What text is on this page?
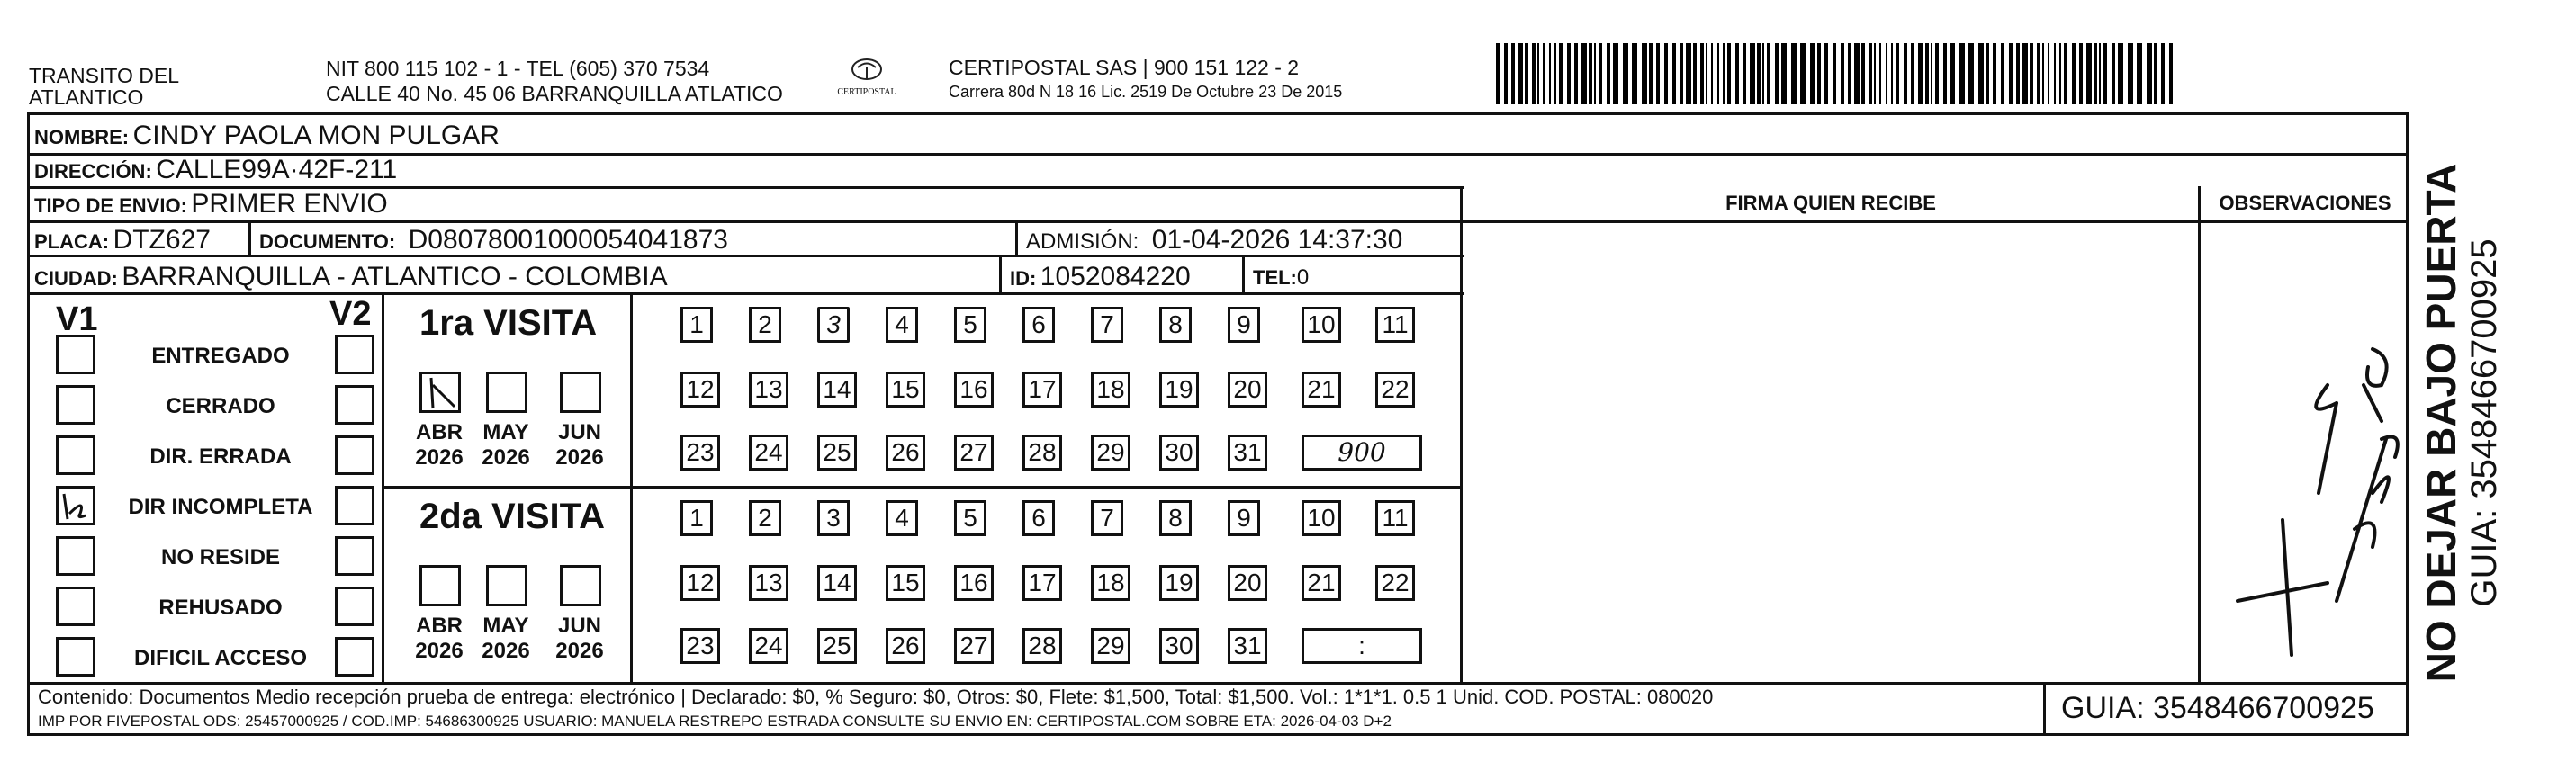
TRANSITO DEL
ATLANTICO
NIT 800 115 102 - 1 - TEL (605) 370 7534
CALLE 40 No. 45 06 BARRANQUILLA ATLATICO	CERTIPOSTAL
CERTIPOSTAL SAS | 900 151 122 - 2
Carrera 80d N 18 16 Lic. 2519 De Octubre 23 De 2015
NOMBRE: CINDY PAOLA MON PULGAR
DIRECCIÓN: CALLE99A·42F-211
TIPO DE ENVIO: PRIMER ENVIO
PLACA: DTZ627 DOCUMENTO: D08078001000054041873	ADMISIÓN: 01-04-2026 14:37:30
CIUDAD: BARRANQUILLA - ATLANTICO - COLOMBIA	ID: 1052084220	TEL:0
FIRMA QUIEN RECIBE	OBSERVACIONES
V1	V2
ENTREGADO
CERRADO
DIR. ERRADA
DIR INCOMPLETA
NO RESIDE
REHUSADO
DIFICIL ACCESO
1ra VISITA
ABR
2026
MAY
2026
JUN
2026
1	2	3	4	5	6	7	8	9	10 11
12 13 14 15 16 17 18 19 20 21 22
23 24 25 26 27 28 29 30 31	900
2da VISITA
ABR
2026
MAY
2026
JUN
2026
1	2	3	4	5	6	7	8	9	10 11
12 13 14 15 16 17 18 19 20 21 22
23 24 25 26 27 28 29 30 31	:
Contenido: Documentos Medio recepción prueba de entrega: electrónico | Declarado: $0, % Seguro: $0, Otros: $0, Flete: $1,500, Total: $1,500. Vol.: 1*1*1. 0.5 1 Unid. COD. POSTAL: 080020
IMP POR FIVEPOSTAL ODS: 25457000925 / COD.IMP: 54686300925 USUARIO: MANUELA RESTREPO ESTRADA CONSULTE SU ENVIO EN: CERTIPOSTAL.COM SOBRE ETA: 2026-04-03 D+2	GUIA: 3548466700925
NO DEJAR BAJO PUERTA GUIA: 3548466700925
